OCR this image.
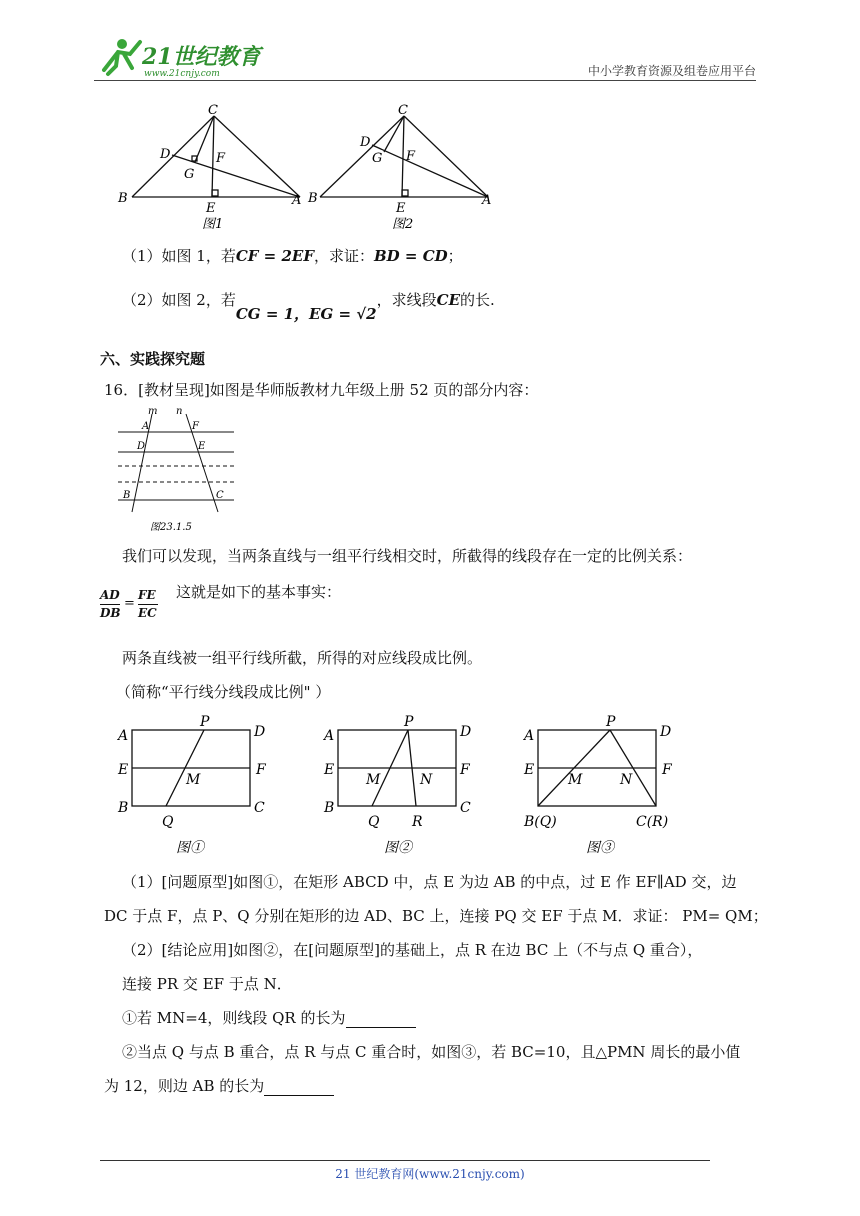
21世纪教育
www.21cnjy.com	中小学教育资源及组卷应用平台
C
D	F
G
B
E
A
图1
C
D
G F
B
E
A
图2
（1）如图 1，若CF = 2EF，求证：BD = CD；
（2）如图 2，若CG = 1，EG = √2，求线段CE的长.
六、实践探究题
16．[教材呈现]如图是华师版教材九年级上册 52 页的部分内容：
m n
A	F
D	E
B	C
图23.1.5
我们可以发现，当两条直线与一组平行线相交时，所截得的线段存在一定的比例关系：
AD
DB
=
FE
EC
这就是如下的基本事实：
两条直线被一组平行线所截，所得的对应线段成比例。
（简称“平行线分线段成比例" ）
A
P
D
E
M
F
B	C
Q
图①
A
P
D
E
M	N
F
B	C
Q R
图②
A
P
D
E
M	N
F
B(Q)	C(R)
图③
（1）[问题原型]如图①，在矩形 ABCD 中，点 E 为边 AB 的中点，过 E 作 EF∥AD 交，边
DC 于点 F，点 P、Q 分别在矩形的边 AD、BC 上，连接 PQ 交 EF 于点 M．求证： PM= QM；
（2）[结论应用]如图②，在[问题原型]的基础上，点 R 在边 BC 上（不与点 Q 重合），
连接 PR 交 EF 于点 N．
①若 MN=4，则线段 QR 的长为
②当点 Q 与点 B 重合，点 R 与点 C 重合时，如图③，若 BC=10，且△PMN 周长的最小值
为 12，则边 AB 的长为
21 世纪教育网(www.21cnjy.com)
